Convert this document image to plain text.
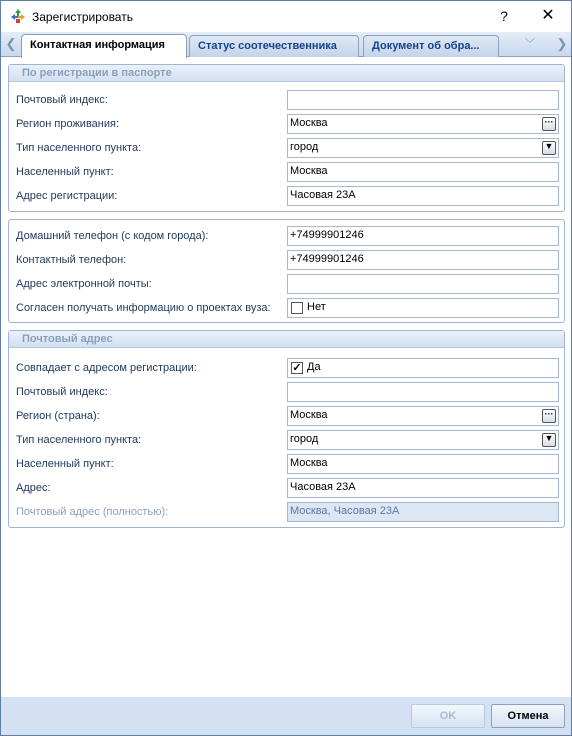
Зарегистрировать	?	✕
❮	Контактная информация	Статус соотечественника	Документ об обра...	﹀ ❯
По регистрации в паспорте
Почтовый индекс:
Регион проживания:	Москва	···
Тип населенного пункта:	город	▼
Населенный пункт:	Москва
Адрес регистрации:	Часовая 23А
Домашний телефон (с кодом города):	+74999901246
Контактный телефон:	+74999901246
Адрес электронной почты:
Согласен получать информацию о проектах вуза:	Нет
Почтовый адрес
Совпадает с адресом регистрации:	✓ Да
Почтовый индекс:
Регион (страна):	Москва	···
Тип населенного пункта:	город	▼
Населенный пункт:	Москва
Адрес:	Часовая 23А
Почтовый адрес (полностью):	Москва, Часовая 23А
OK	Отмена
